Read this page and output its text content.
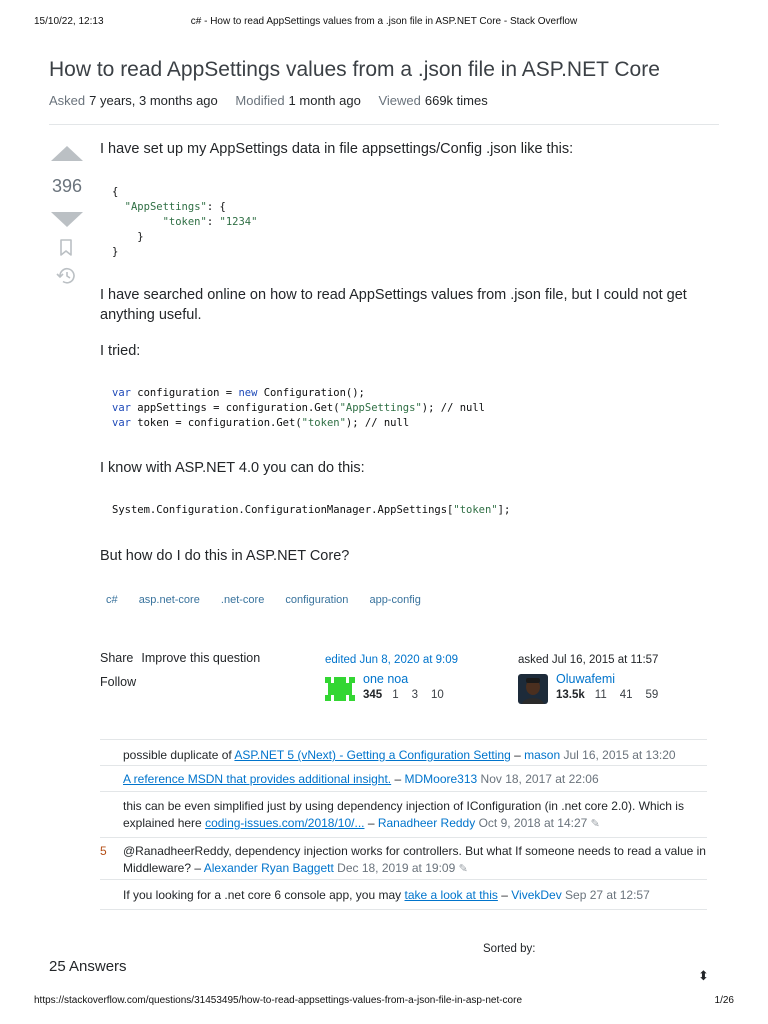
15/10/22, 12:13	c# - How to read AppSettings values from a .json file in ASP.NET Core - Stack Overflow
How to read AppSettings values from a .json file in ASP.NET Core
Asked 7 years, 3 months ago Modified 1 month ago Viewed 669k times
396

I have set up my AppSettings data in file appsettings/Config .json like this:

{
"AppSettings": {
"token": "1234"
}
}

I have searched online on how to read AppSettings values from .json file, but I could not get anything useful.

I tried:

var configuration = new Configuration();
var appSettings = configuration.Get("AppSettings"); // null
var token = configuration.Get("token"); // null

I know with ASP.NET 4.0 you can do this:

System.Configuration.ConfigurationManager.AppSettings["token"];

But how do I do this in ASP.NET Core?

c# asp.net-core .net-core configuration app-config
Share Improve this question
Follow
edited Jun 8, 2020 at 9:09
one noa
345 1 3 10
asked Jul 16, 2015 at 11:57
Oluwafemi
13.5k 11 41 59
possible duplicate of ASP.NET 5 (vNext) - Getting a Configuration Setting – mason Jul 16, 2015 at 13:20
A reference MSDN that provides additional insight. – MDMoore313 Nov 18, 2017 at 22:06
this can be even simplified just by using dependency injection of IConfiguration (in .net core 2.0). Which is explained here coding-issues.com/2018/10/... – Ranadheer Reddy Oct 9, 2018 at 14:27 ✎
5	@RanadheerReddy, dependency injection works for controllers. But what If someone needs to read a value in Middleware? – Alexander Ryan Baggett Dec 18, 2019 at 19:09 ✎
If you looking for a .net core 6 console app, you may take a look at this – VivekDev Sep 27 at 12:57
Sorted by:
25 Answers
⬍
https://stackoverflow.com/questions/31453495/how-to-read-appsettings-values-from-a-json-file-in-asp-net-core	1/26
